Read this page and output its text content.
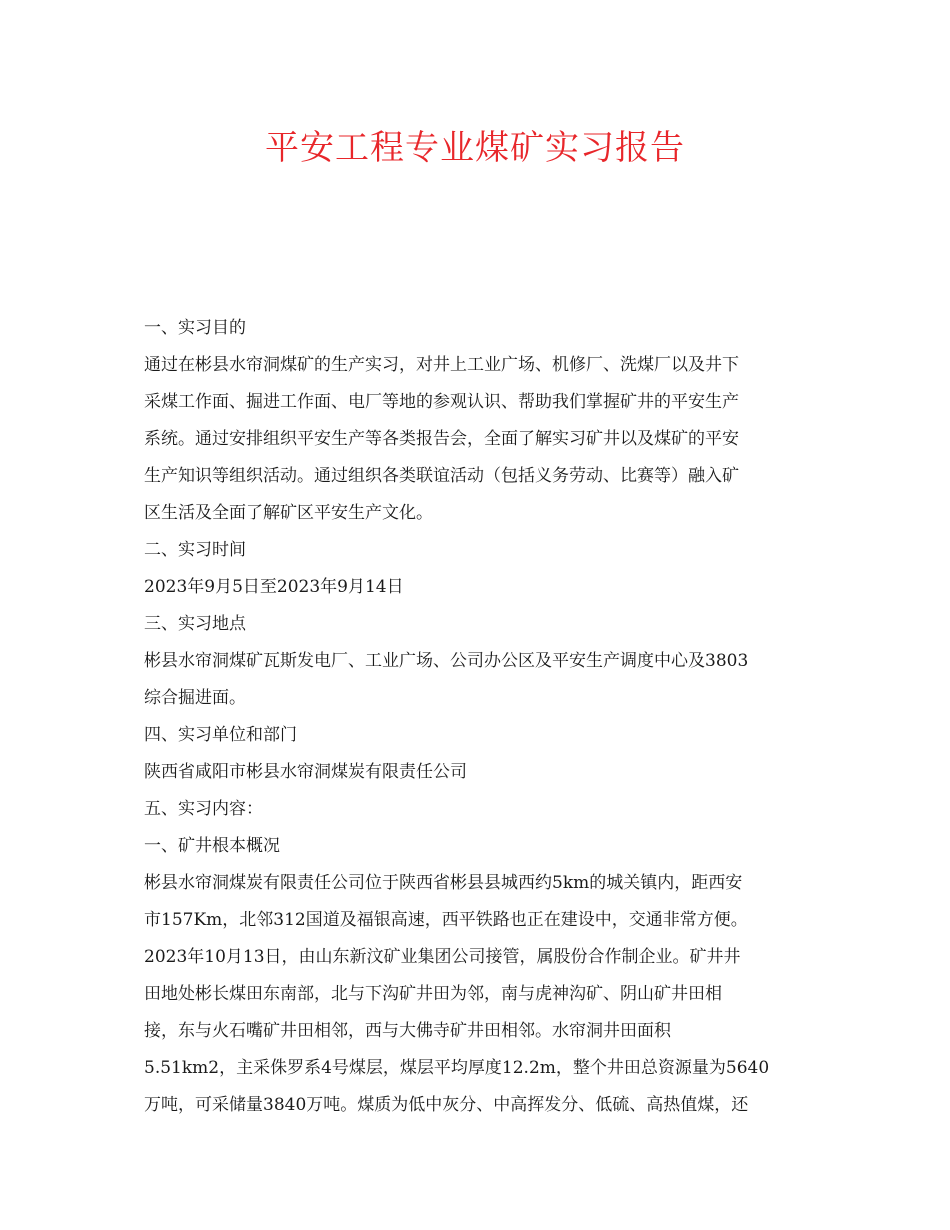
平安工程专业煤矿实习报告
一、实习目的
通过在彬县水帘洞煤矿的生产实习，对井上工业广场、机修厂、洗煤厂以及井下
采煤工作面、掘进工作面、电厂等地的参观认识、帮助我们掌握矿井的平安生产
系统。通过安排组织平安生产等各类报告会，全面了解实习矿井以及煤矿的平安
生产知识等组织活动。通过组织各类联谊活动（包括义务劳动、比赛等）融入矿
区生活及全面了解矿区平安生产文化。
二、实习时间
2023年9月5日至2023年9月14日
三、实习地点
彬县水帘洞煤矿瓦斯发电厂、工业广场、公司办公区及平安生产调度中心及3803
综合掘进面。
四、实习单位和部门
陕西省咸阳市彬县水帘洞煤炭有限责任公司
五、实习内容：
一、矿井根本概况
彬县水帘洞煤炭有限责任公司位于陕西省彬县县城西约5km的城关镇内，距西安
市157Km，北邻312国道及福银高速，西平铁路也正在建设中，交通非常方便。
2023年10月13日，由山东新汶矿业集团公司接管，属股份合作制企业。矿井井
田地处彬长煤田东南部，北与下沟矿井田为邻，南与虎神沟矿、阴山矿井田相
接，东与火石嘴矿井田相邻，西与大佛寺矿井田相邻。水帘洞井田面积
5.51km2，主采侏罗系4号煤层，煤层平均厚度12.2m，整个井田总资源量为5640
万吨，可采储量3840万吨。煤质为低中灰分、中高挥发分、低硫、高热值煤，还
